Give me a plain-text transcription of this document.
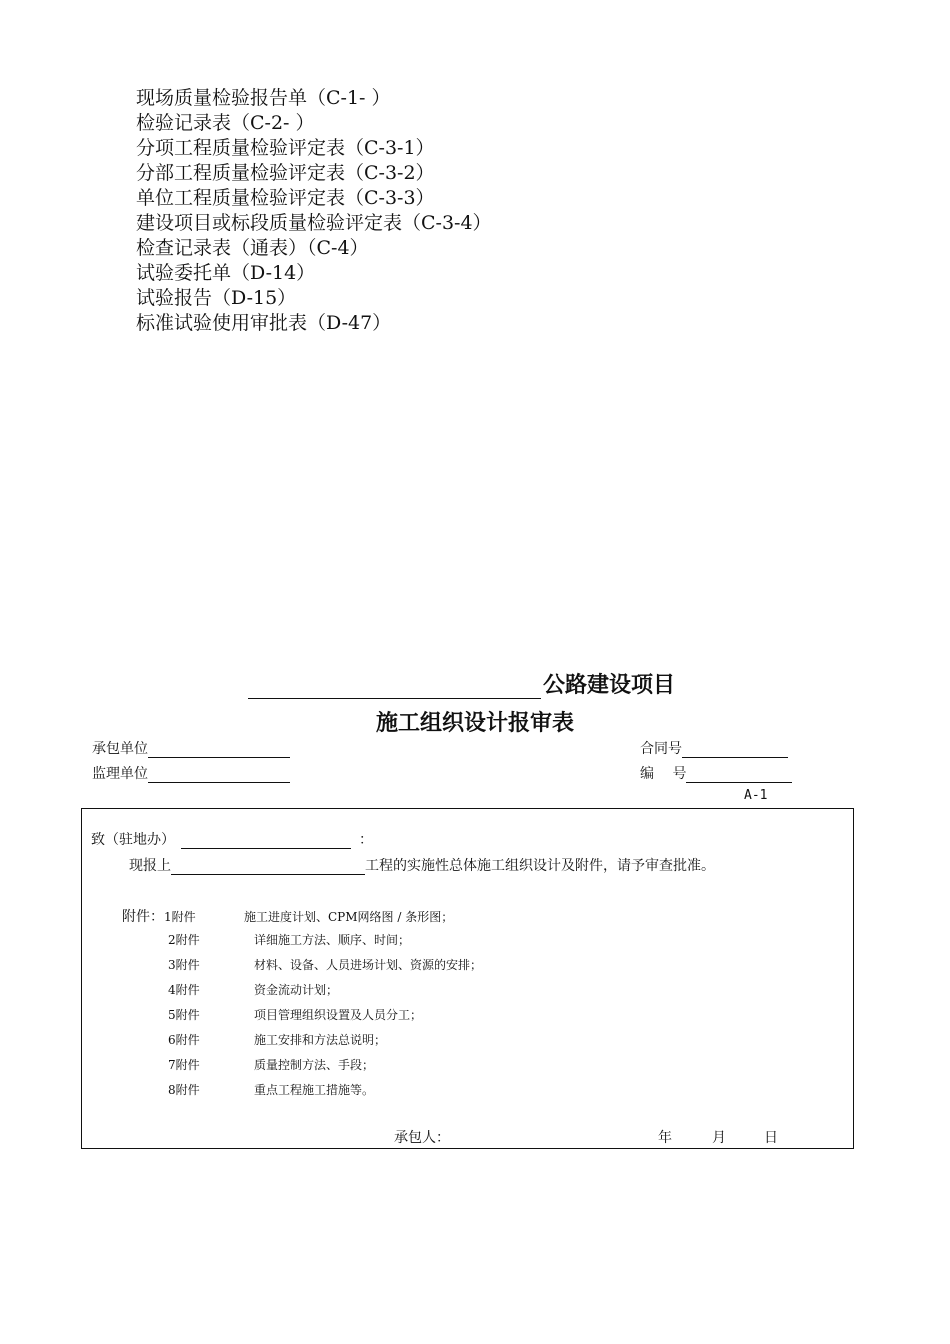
现场质量检验报告单（C-1- ）
检验记录表（C-2- ）
分项工程质量检验评定表（C-3-1）
分部工程质量检验评定表（C-3-2）
单位工程质量检验评定表（C-3-3）
建设项目或标段质量检验评定表（C-3-4）
检查记录表（通表）（C-4）
试验委托单（D-14）
试验报告（D-15）
标准试验使用审批表（D-47）
公路建设项目
施工组织设计报审表
承包单位
监理单位
合同号
编　 号
A-1
致（驻地办）	：
现报上	工程的实施性总体施工组织设计及附件，请予审查批准。
附件：1附件	施工进度计划、CPM网络图 / 条形图；
2附件	详细施工方法、顺序、时间；
3附件	材料、设备、人员进场计划、资源的安排；
4附件	资金流动计划；
5附件	项目管理组织设置及人员分工；
6附件	施工安排和方法总说明；
7附件	质量控制方法、手段；
8附件	重点工程施工措施等。
承包人：	年	月	日
